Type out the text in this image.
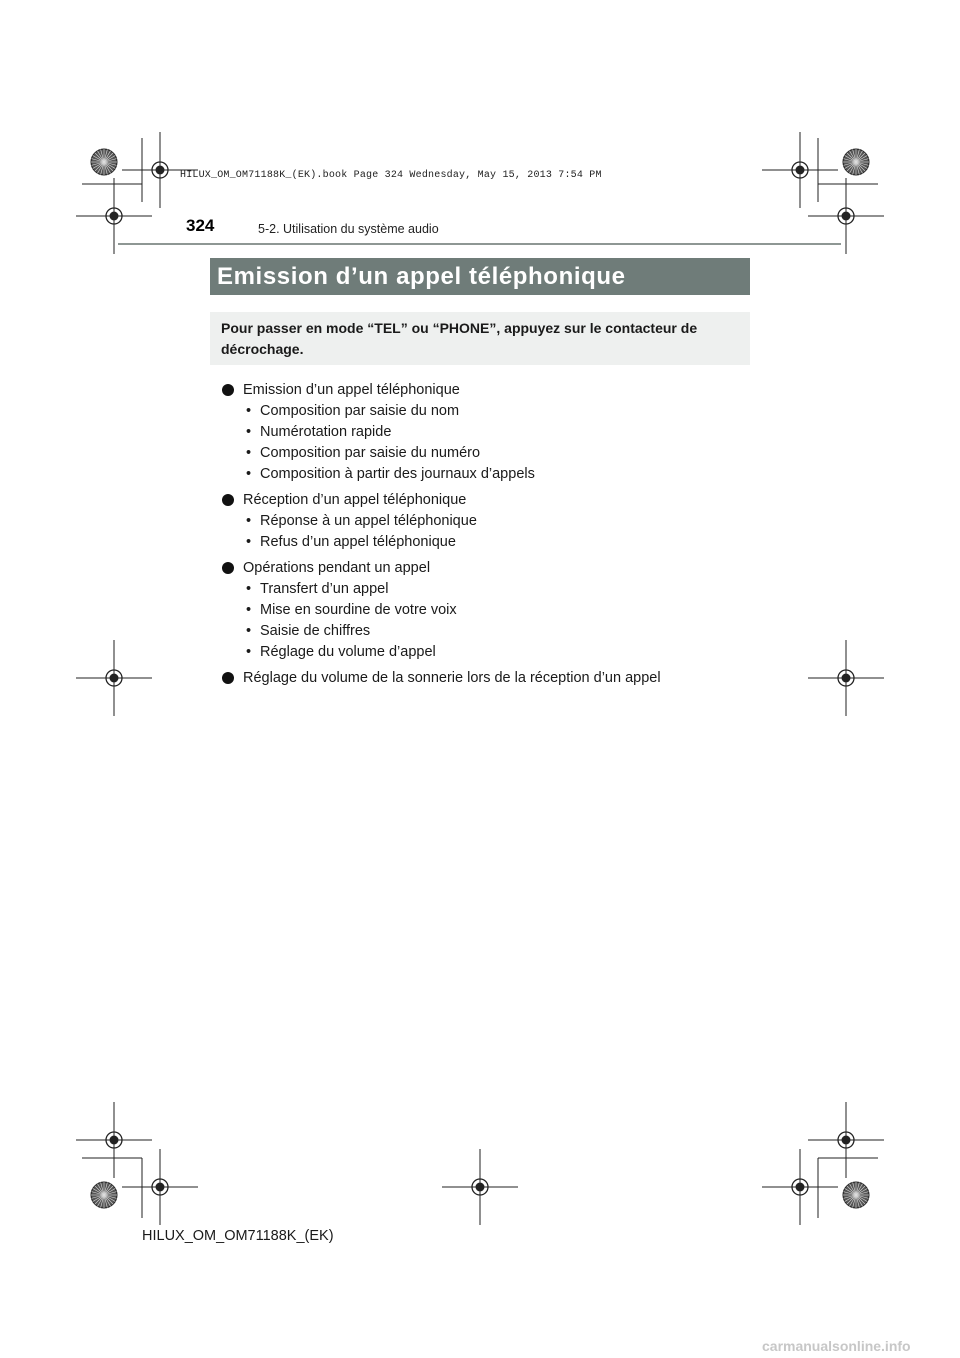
HILUX_OM_OM71188K_(EK).book Page 324 Wednesday, May 15, 2013 7:54 PM
324	5-2. Utilisation du système audio
Emission d’un appel téléphonique
Pour passer en mode “TEL” ou “PHONE”, appuyez sur le contacteur de décrochage.
Emission d’un appel téléphonique
• Composition par saisie du nom
• Numérotation rapide
• Composition par saisie du numéro
• Composition à partir des journaux d’appels
Réception d’un appel téléphonique
• Réponse à un appel téléphonique
• Refus d’un appel téléphonique
Opérations pendant un appel
• Transfert d’un appel
• Mise en sourdine de votre voix
• Saisie de chiffres
• Réglage du volume d’appel
Réglage du volume de la sonnerie lors de la réception d’un appel
HILUX_OM_OM71188K_(EK)
carmanualsonline.info
